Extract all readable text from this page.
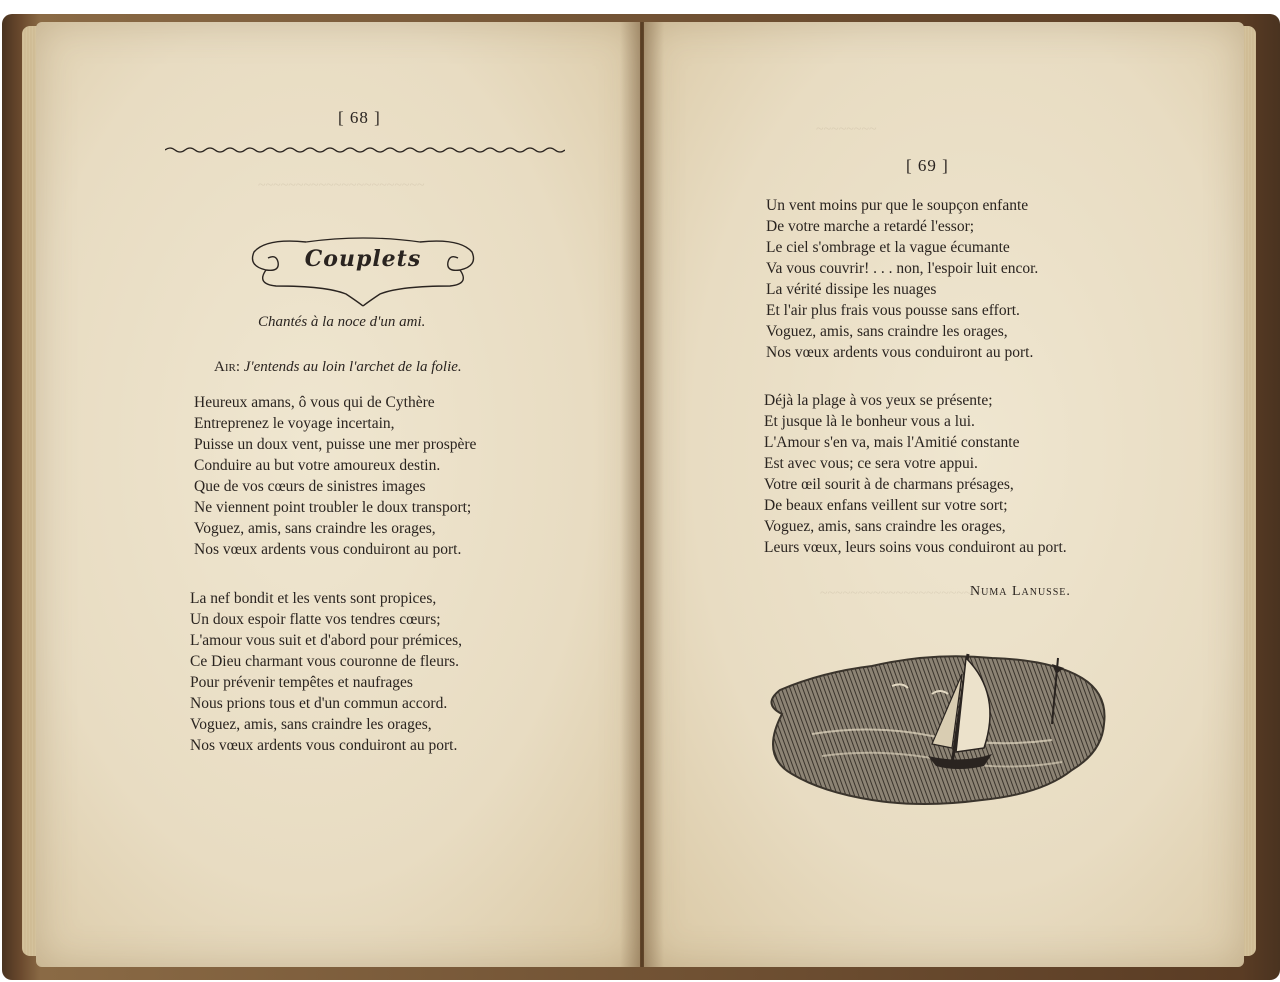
~~~~~~~~~~~~~~~~~~~~~~
~~~~~~~~
~~~~~~~~~~~~~~~~~~~~~~~~
[ 68 ]
Couplets
Chantés à la noce d'un ami.
Air: J'entends au loin l'archet de la folie.
Heureux amans, ô vous qui de Cythère
Entreprenez le voyage incertain,
Puisse un doux vent, puisse une mer prospère
Conduire au but votre amoureux destin.
Que de vos cœurs de sinistres images
Ne viennent point troubler le doux transport;
Voguez, amis, sans craindre les orages,
Nos vœux ardents vous conduiront au port.
La nef bondit et les vents sont propices,
Un doux espoir flatte vos tendres cœurs;
L'amour vous suit et d'abord pour prémices,
Ce Dieu charmant vous couronne de fleurs.
Pour prévenir tempêtes et naufrages
Nous prions tous et d'un commun accord.
Voguez, amis, sans craindre les orages,
Nos vœux ardents vous conduiront au port.
[ 69 ]
Un vent moins pur que le soupçon enfante
De votre marche a retardé l'essor;
Le ciel s'ombrage et la vague écumante
Va vous couvrir! . . . non, l'espoir luit encor.
La vérité dissipe les nuages
Et l'air plus frais vous pousse sans effort.
Voguez, amis, sans craindre les orages,
Nos vœux ardents vous conduiront au port.
Déjà la plage à vos yeux se présente;
Et jusque là le bonheur vous a lui.
L'Amour s'en va, mais l'Amitié constante
Est avec vous; ce sera votre appui.
Votre œil sourit à de charmans présages,
De beaux enfans veillent sur votre sort;
Voguez, amis, sans craindre les orages,
Leurs vœux, leurs soins vous conduiront au port.
Numa Lanusse.
